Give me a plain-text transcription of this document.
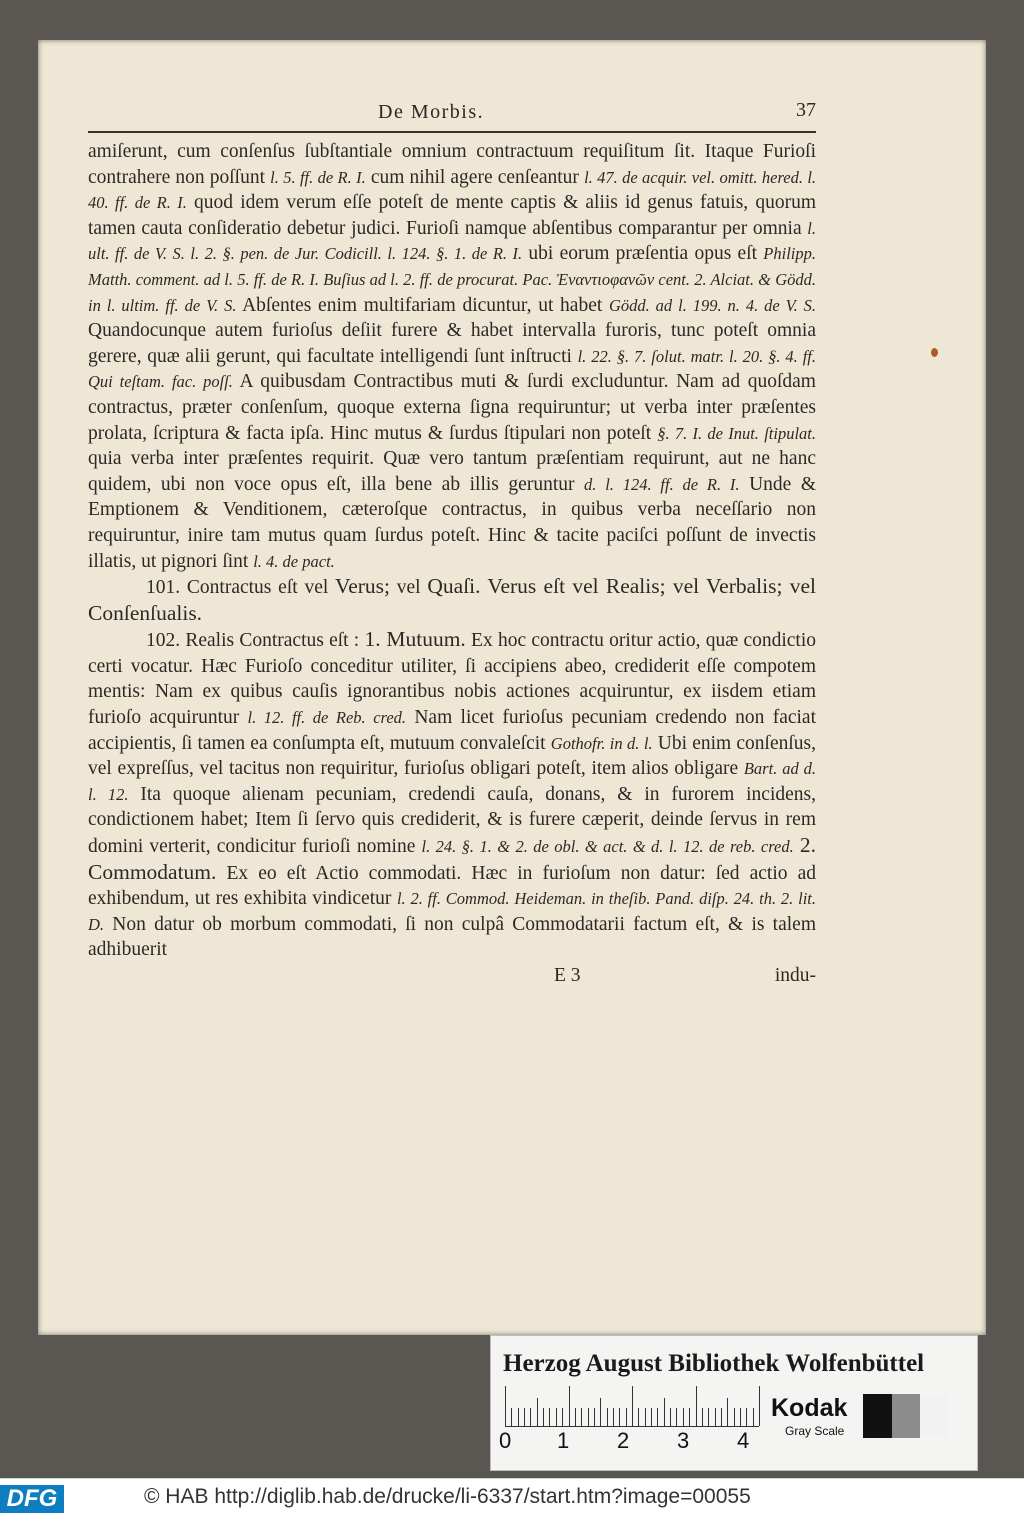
De Morbis.	37

amiſerunt, cum conſenſus ſubſtantiale omnium contractuum requiſitum ſit. Itaque Furioſi contrahere non poſſunt l. 5. ff. de R. I. cum nihil agere cenſeantur l. 47. de acquir. vel. omitt. hered. l. 40. ff. de R. I. quod idem verum eſſe poteſt de mente captis & aliis id genus fatuis, quorum tamen cauta conſideratio debetur judici. Furioſi namque abſentibus comparantur per omnia l. ult. ff. de V. S. l. 2. §. pen. de Jur. Codicill. l. 124. §. 1. de R. I. ubi eorum præſentia opus eſt Philipp. Matth. comment. ad l. 5. ff. de R. I. Buſius ad l. 2. ff. de procurat. Pac. Ἐναντιοφανῶν cent. 2. Alciat. & Gödd. in l. ultim. ff. de V. S. Abſentes enim multifariam dicuntur, ut habet Gödd. ad l. 199. n. 4. de V. S. Quandocunque autem furioſus deſiit furere & habet intervalla furoris, tunc poteſt omnia gerere, quæ alii gerunt, qui facultate intelligendi ſunt inſtructi l. 22. §. 7. ſolut. matr. l. 20. §. 4. ff. Qui teſtam. fac. poſſ. A quibusdam Contractibus muti & ſurdi excluduntur. Nam ad quoſdam contractus, præter conſenſum, quoque externa ſigna requiruntur; ut verba inter præſentes prolata, ſcriptura & facta ipſa. Hinc mutus & ſurdus ſtipulari non poteſt §. 7. I. de Inut. ſtipulat. quia verba inter præſentes requirit. Quæ vero tantum præſentiam requirunt, aut ne hanc quidem, ubi non voce opus eſt, illa bene ab illis geruntur d. l. 124. ff. de R. I. Unde & Emptionem & Venditionem, cæteroſque contractus, in quibus verba neceſſario non requiruntur, inire tam mutus quam ſurdus poteſt. Hinc & tacite paciſci poſſunt de invectis illatis, ut pignori ſint l. 4. de pact.

101. Contractus eſt vel Verus; vel Quaſi. Verus eſt vel Realis; vel Verbalis; vel Conſenſualis.

102. Realis Contractus eſt : 1. Mutuum. Ex hoc contractu oritur actio, quæ condictio certi vocatur. Hæc Furioſo conceditur utiliter, ſi accipiens abeo, crediderit eſſe compotem mentis: Nam ex quibus cauſis ignorantibus nobis actiones acquiruntur, ex iisdem etiam furioſo acquiruntur l. 12. ff. de Reb. cred. Nam licet furioſus pecuniam credendo non faciat accipientis, ſi tamen ea conſumpta eſt, mutuum convaleſcit Gothofr. in d. l. Ubi enim conſenſus, vel expreſſus, vel tacitus non requiritur, furioſus obligari poteſt, item alios obligare Bart. ad d. l. 12. Ita quoque alienam pecuniam, credendi cauſa, donans, & in furorem incidens, condictionem habet; Item ſi ſervo quis crediderit, & is furere cæperit, deinde ſervus in rem domini verterit, condicitur furioſi nomine l. 24. §. 1. & 2. de obl. & act. & d. l. 12. de reb. cred. 2. Commodatum. Ex eo eſt Actio commodati. Hæc in furioſum non datur: ſed actio ad exhibendum, ut res exhibita vindicetur l. 2. ff. Commod. Heideman. in theſib. Pand. diſp. 24. th. 2. lit. D. Non datur ob morbum commodati, ſi non culpâ Commodatarii factum eſt, & is talem adhibuerit

E 3	indu-
Herzog August Bibliothek Wolfenbüttel
0 1 2 3 4
Kodak
Gray Scale
DFG	© HAB http://diglib.hab.de/drucke/li-6337/start.htm?image=00055
